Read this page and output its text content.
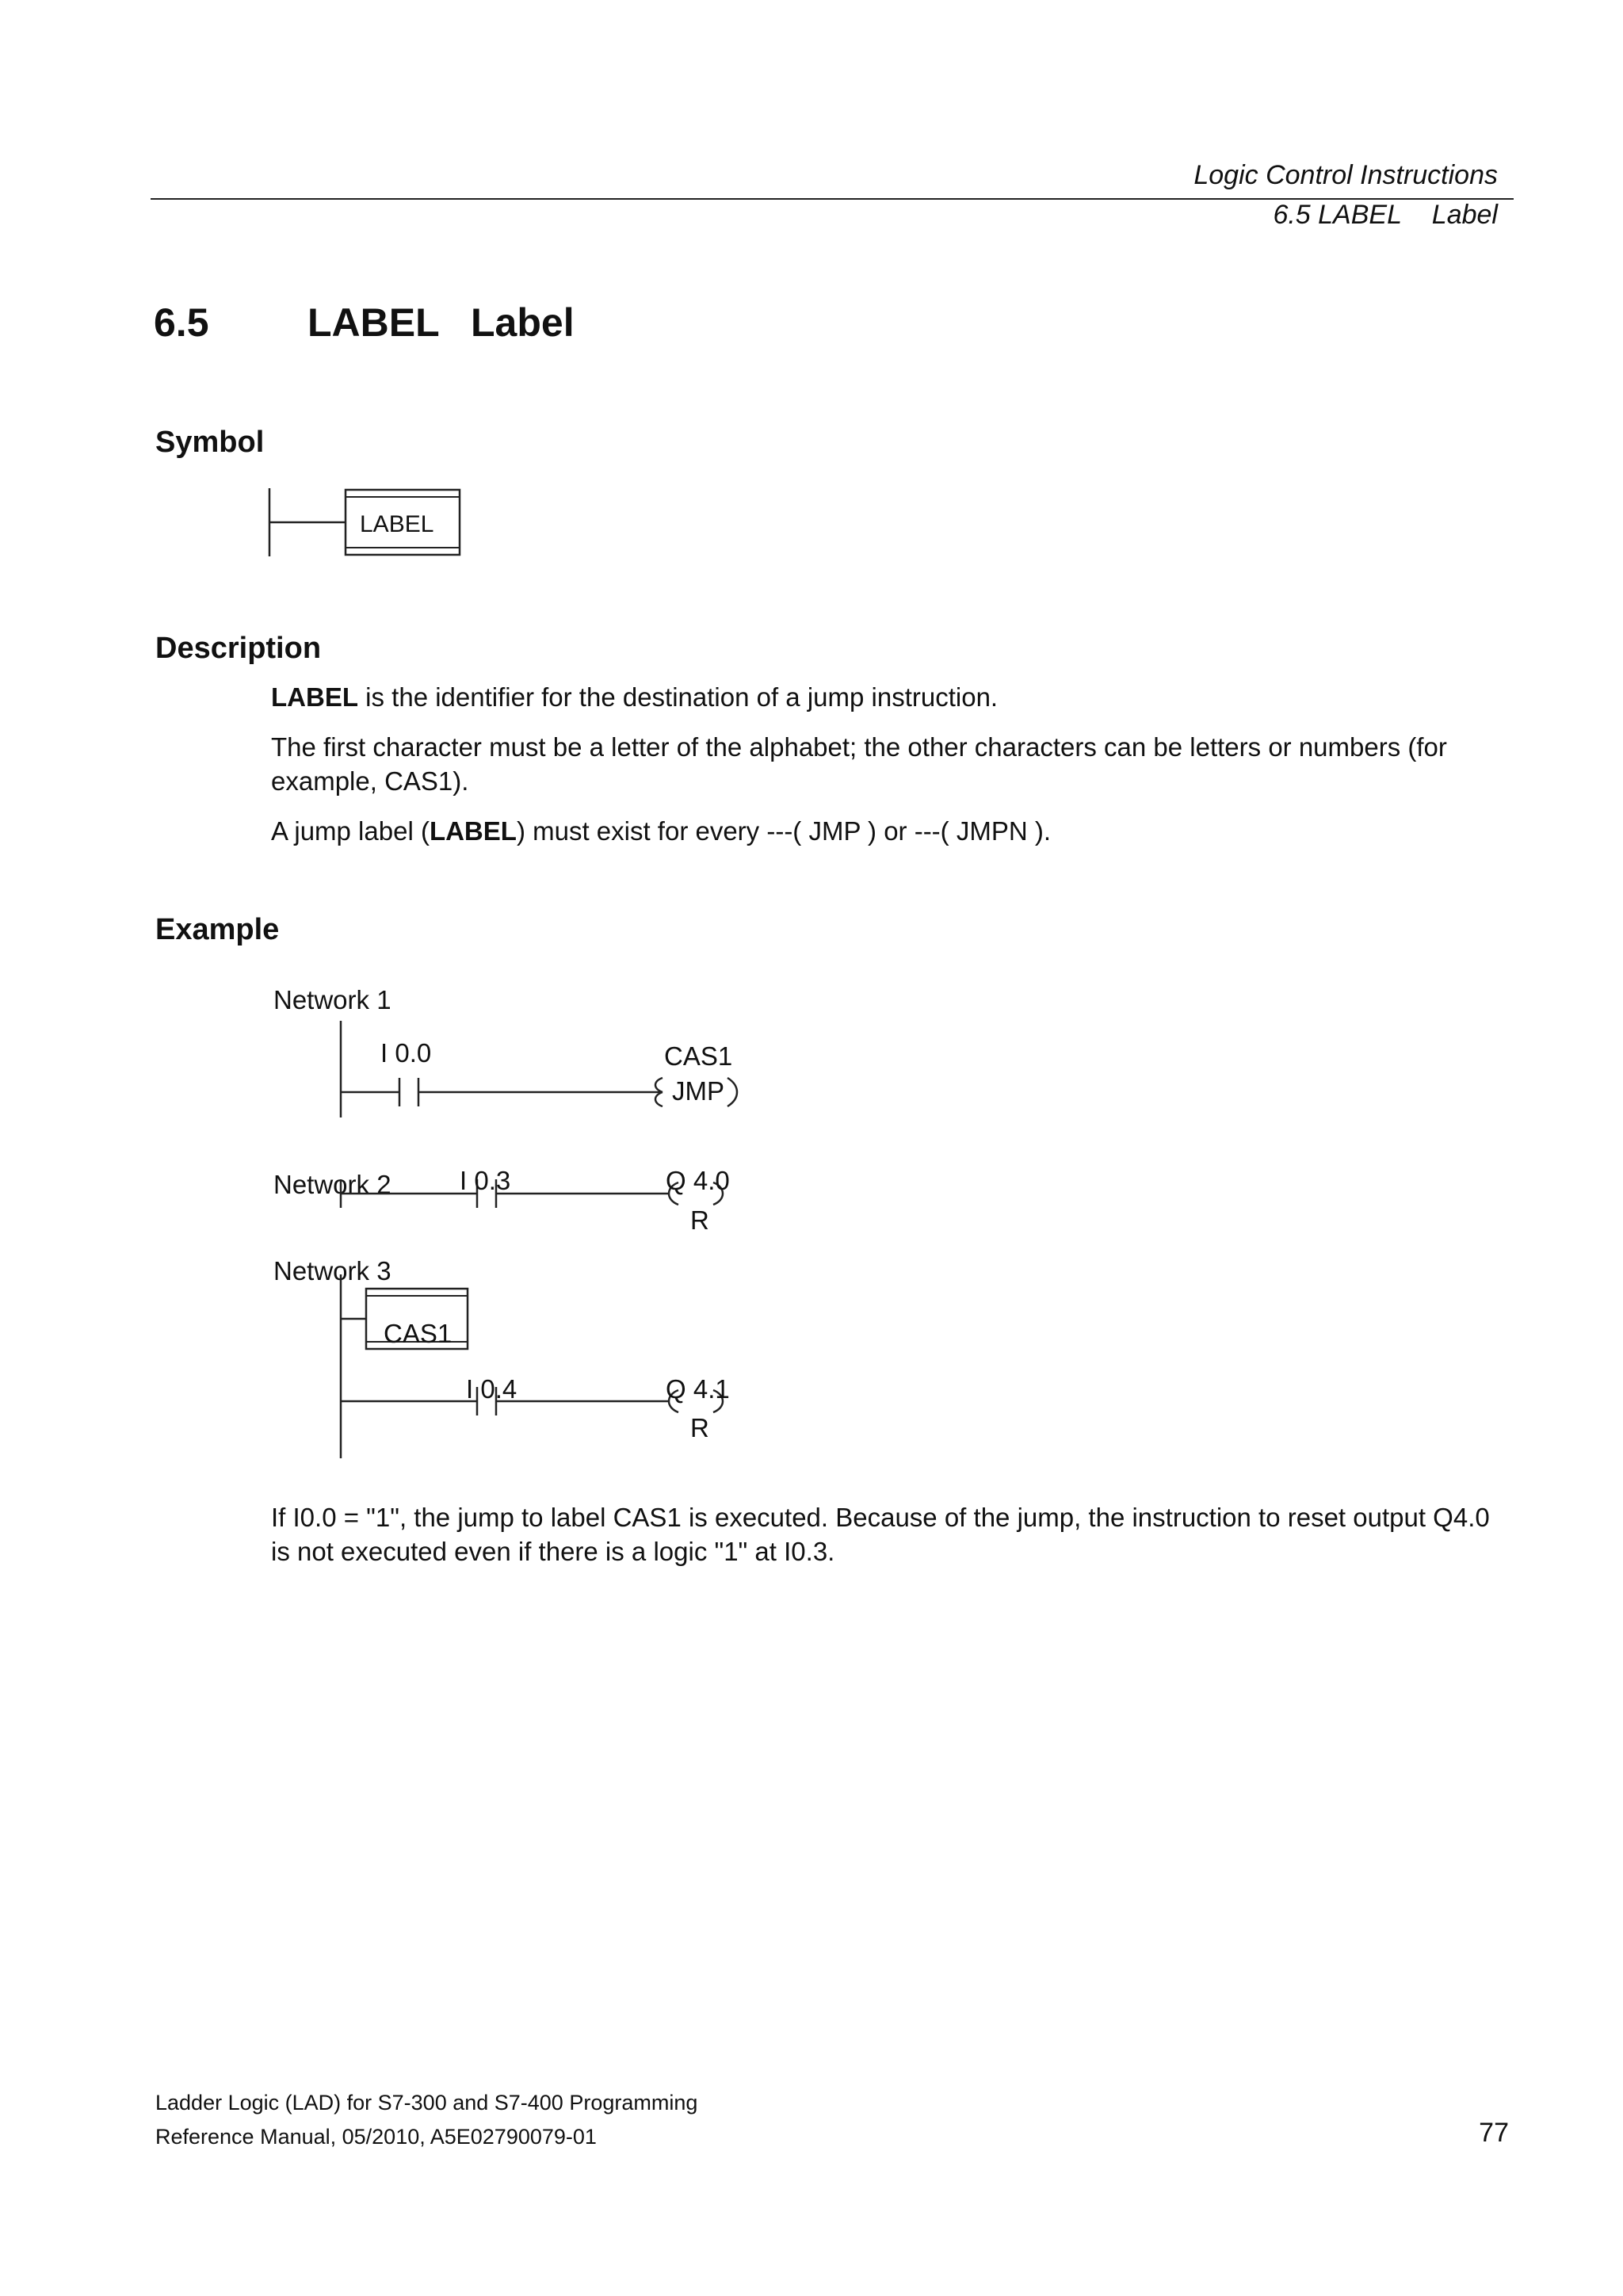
Logic Control Instructions
6.5 LABEL Label
6.5 LABEL Label
Symbol
LABEL
Description
LABEL is the identifier for the destination of a jump instruction.
The first character must be a letter of the alphabet; the other characters can be letters or numbers (for example, CAS1).
A jump label (LABEL) must exist for every ---( JMP ) or ---( JMPN ).
Example
Network 1
Network 2
Network 3
I 0.0	CAS1
JMP
I 0.3	Q 4.0
R
CAS1
I 0.4	Q 4.1
R
If I0.0 = "1", the jump to label CAS1 is executed. Because of the jump, the instruction to reset output Q4.0 is not executed even if there is a logic "1" at I0.3.
Ladder Logic (LAD) for S7-300 and S7-400 Programming
Reference Manual, 05/2010, A5E02790079-01	77
